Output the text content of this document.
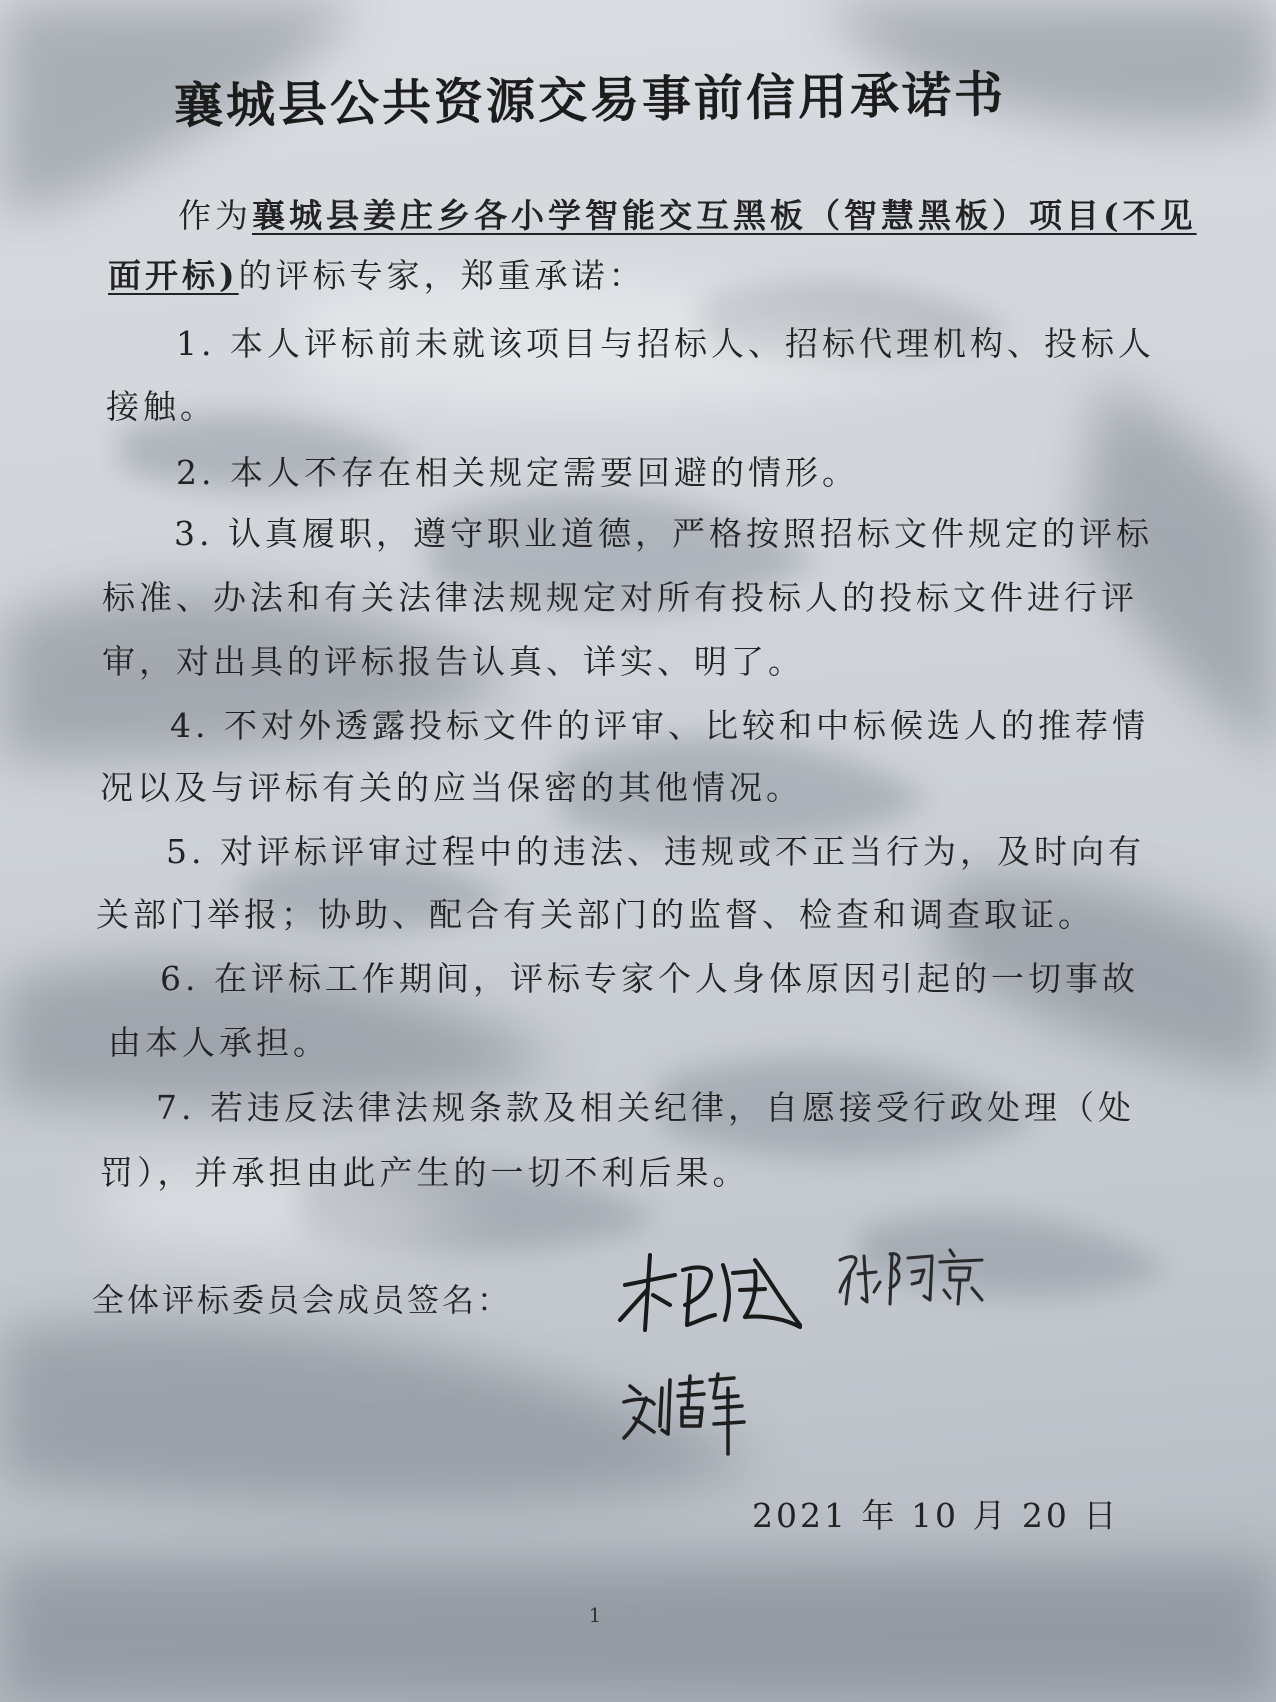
襄城县公共资源交易事前信用承诺书
作为襄城县姜庄乡各小学智能交互黑板（智慧黑板）项目(不见
面开标)的评标专家，郑重承诺：
1. 本人评标前未就该项目与招标人、招标代理机构、投标人
接触。
2. 本人不存在相关规定需要回避的情形。
3. 认真履职，遵守职业道德，严格按照招标文件规定的评标
标准、办法和有关法律法规规定对所有投标人的投标文件进行评
审，对出具的评标报告认真、详实、明了。
4. 不对外透露投标文件的评审、比较和中标候选人的推荐情
况以及与评标有关的应当保密的其他情况。
5. 对评标评审过程中的违法、违规或不正当行为，及时向有
关部门举报；协助、配合有关部门的监督、检查和调查取证。
6. 在评标工作期间，评标专家个人身体原因引起的一切事故
由本人承担。
7. 若违反法律法规条款及相关纪律，自愿接受行政处理（处
罚），并承担由此产生的一切不利后果。
全体评标委员会成员签名：
2021 年 10 月 20 日
1
